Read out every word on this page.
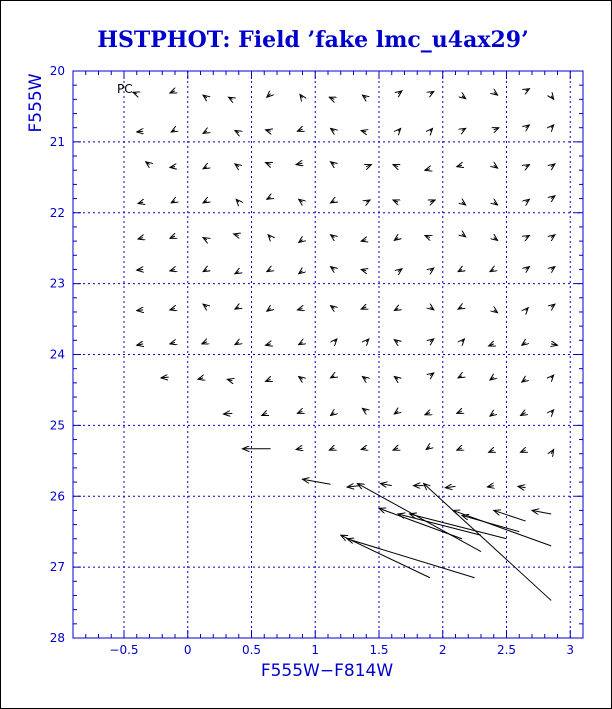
HSTPHOT: Field ’fake lmc_u4ax29’
−0.5	0	0.5	1	1.5	2	2.5	3
20
21
22
23
24
25
26
27
28
F555W−F814W
F555W	PC
